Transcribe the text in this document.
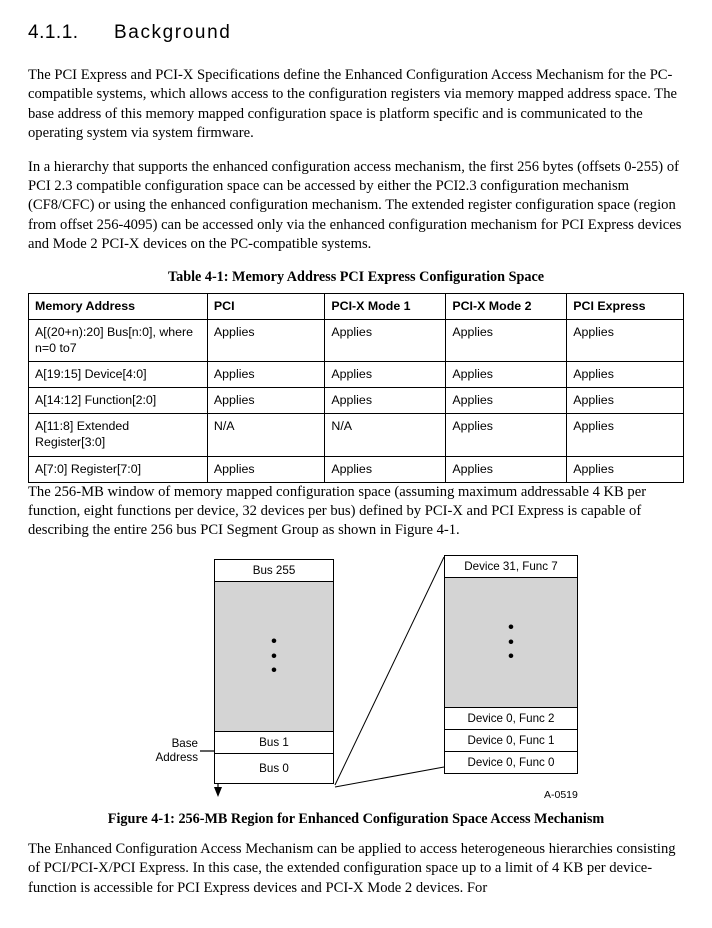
4.1.1. Background

The PCI Express and PCI-X Specifications define the Enhanced Configuration Access Mechanism for the PC-compatible systems, which allows access to the configuration registers via memory mapped address space. The base address of this memory mapped configuration space is platform specific and is communicated to the operating system via system firmware.

In a hierarchy that supports the enhanced configuration access mechanism, the first 256 bytes (offsets 0-255) of PCI 2.3 compatible configuration space can be accessed by either the PCI2.3 configuration mechanism (CF8/CFC) or using the enhanced configuration mechanism. The extended register configuration space (region from offset 256-4095) can be accessed only via the enhanced configuration mechanism for PCI Express devices and Mode 2 PCI-X devices on the PC-compatible systems.

Table 4-1: Memory Address PCI Express Configuration Space
Memory Address	PCI	PCI-X Mode 1	PCI-X Mode 2	PCI Express
A[(20+n):20] Bus[n:0], where n=0 to7	Applies	Applies	Applies	Applies
A[19:15] Device[4:0]	Applies	Applies	Applies	Applies
A[14:12] Function[2:0]	Applies	Applies	Applies	Applies
A[11:8] Extended Register[3:0]	N/A	N/A	Applies	Applies
A[7:0] Register[7:0]	Applies	Applies	Applies	Applies

The 256-MB window of memory mapped configuration space (assuming maximum addressable 4 KB per function, eight functions per device, 32 devices per bus) defined by PCI-X and PCI Express is capable of describing the entire 256 bus PCI Segment Group as shown in Figure 4-1.

Bus 255
•
•
•
Bus 1
Bus 0
Device 31, Func 7
•
•
•
Device 0, Func 2
Device 0, Func 1
Device 0, Func 0
Base
Address
A-0519
Figure 4-1: 256-MB Region for Enhanced Configuration Space Access Mechanism

The Enhanced Configuration Access Mechanism can be applied to access heterogeneous hierarchies consisting of PCI/PCI-X/PCI Express. In this case, the extended configuration space up to a limit of 4 KB per device-function is accessible for PCI Express devices and PCI-X Mode 2 devices. For
